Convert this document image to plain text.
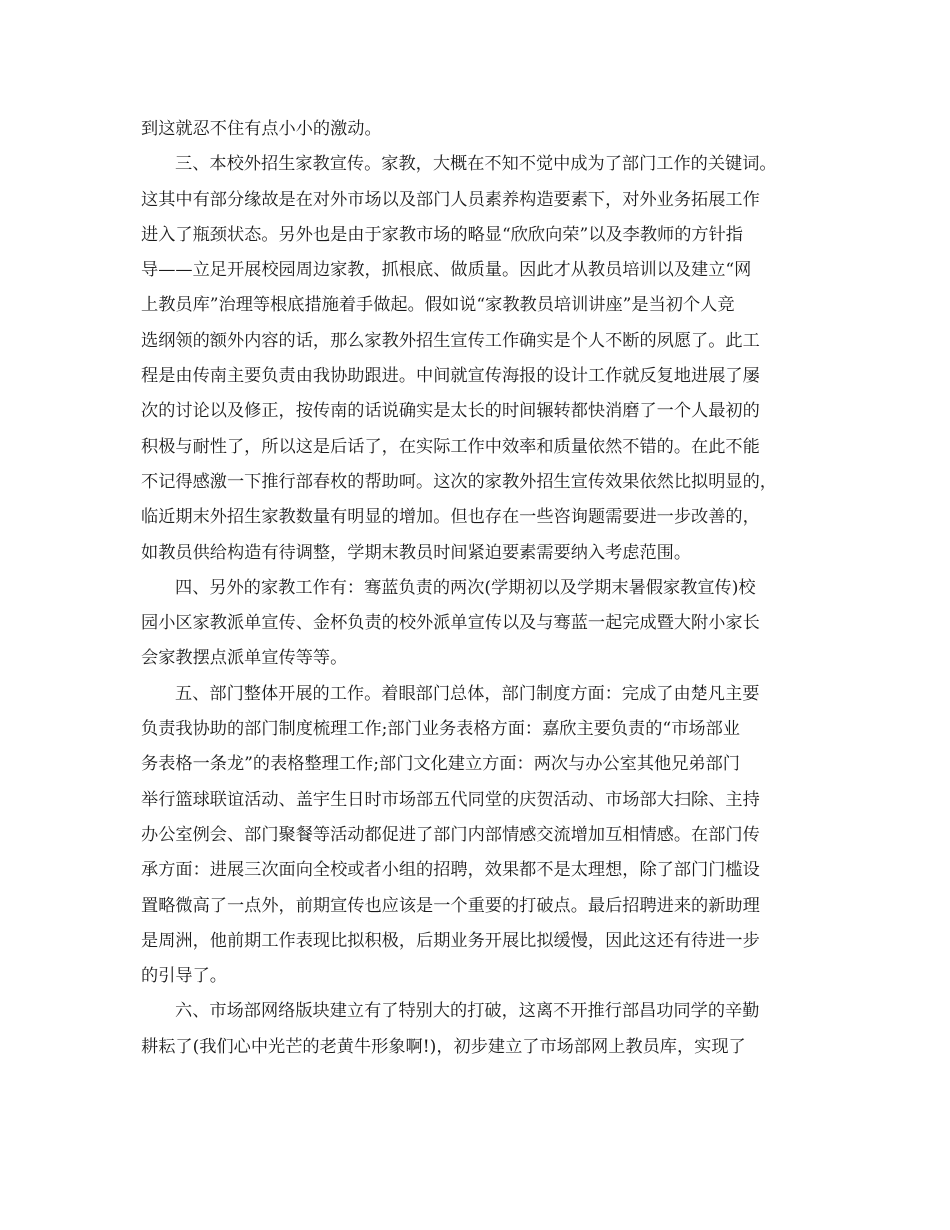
到这就忍不住有点小小的激动。
三、本校外招生家教宣传。家教，大概在不知不觉中成为了部门工作的关键词。
这其中有部分缘故是在对外市场以及部门人员素养构造要素下，对外业务拓展工作
进入了瓶颈状态。另外也是由于家教市场的略显“欣欣向荣”以及李教师的方针指
导——立足开展校园周边家教，抓根底、做质量。因此才从教员培训以及建立“网
上教员库”治理等根底措施着手做起。假如说“家教教员培训讲座”是当初个人竞
选纲领的额外内容的话，那么家教外招生宣传工作确实是个人不断的夙愿了。此工
程是由传南主要负责由我协助跟进。中间就宣传海报的设计工作就反复地进展了屡
次的讨论以及修正，按传南的话说确实是太长的时间辗转都快消磨了一个人最初的
积极与耐性了，所以这是后话了，在实际工作中效率和质量依然不错的。在此不能
不记得感激一下推行部春枚的帮助呵。这次的家教外招生宣传效果依然比拟明显的，
临近期末外招生家教数量有明显的增加。但也存在一些咨询题需要进一步改善的，
如教员供给构造有待调整，学期末教员时间紧迫要素需要纳入考虑范围。
四、另外的家教工作有：骞蓝负责的两次(学期初以及学期末暑假家教宣传)校
园小区家教派单宣传、金杯负责的校外派单宣传以及与骞蓝一起完成暨大附小家长
会家教摆点派单宣传等等。
五、部门整体开展的工作。着眼部门总体，部门制度方面：完成了由楚凡主要
负责我协助的部门制度梳理工作;部门业务表格方面：嘉欣主要负责的“市场部业
务表格一条龙”的表格整理工作;部门文化建立方面：两次与办公室其他兄弟部门
举行篮球联谊活动、盖宇生日时市场部五代同堂的庆贺活动、市场部大扫除、主持
办公室例会、部门聚餐等活动都促进了部门内部情感交流增加互相情感。在部门传
承方面：进展三次面向全校或者小组的招聘，效果都不是太理想，除了部门门槛设
置略微高了一点外，前期宣传也应该是一个重要的打破点。最后招聘进来的新助理
是周洲，他前期工作表现比拟积极，后期业务开展比拟缓慢，因此这还有待进一步
的引导了。
六、市场部网络版块建立有了特别大的打破，这离不开推行部昌功同学的辛勤
耕耘了(我们心中光芒的老黄牛形象啊!)，初步建立了市场部网上教员库，实现了
